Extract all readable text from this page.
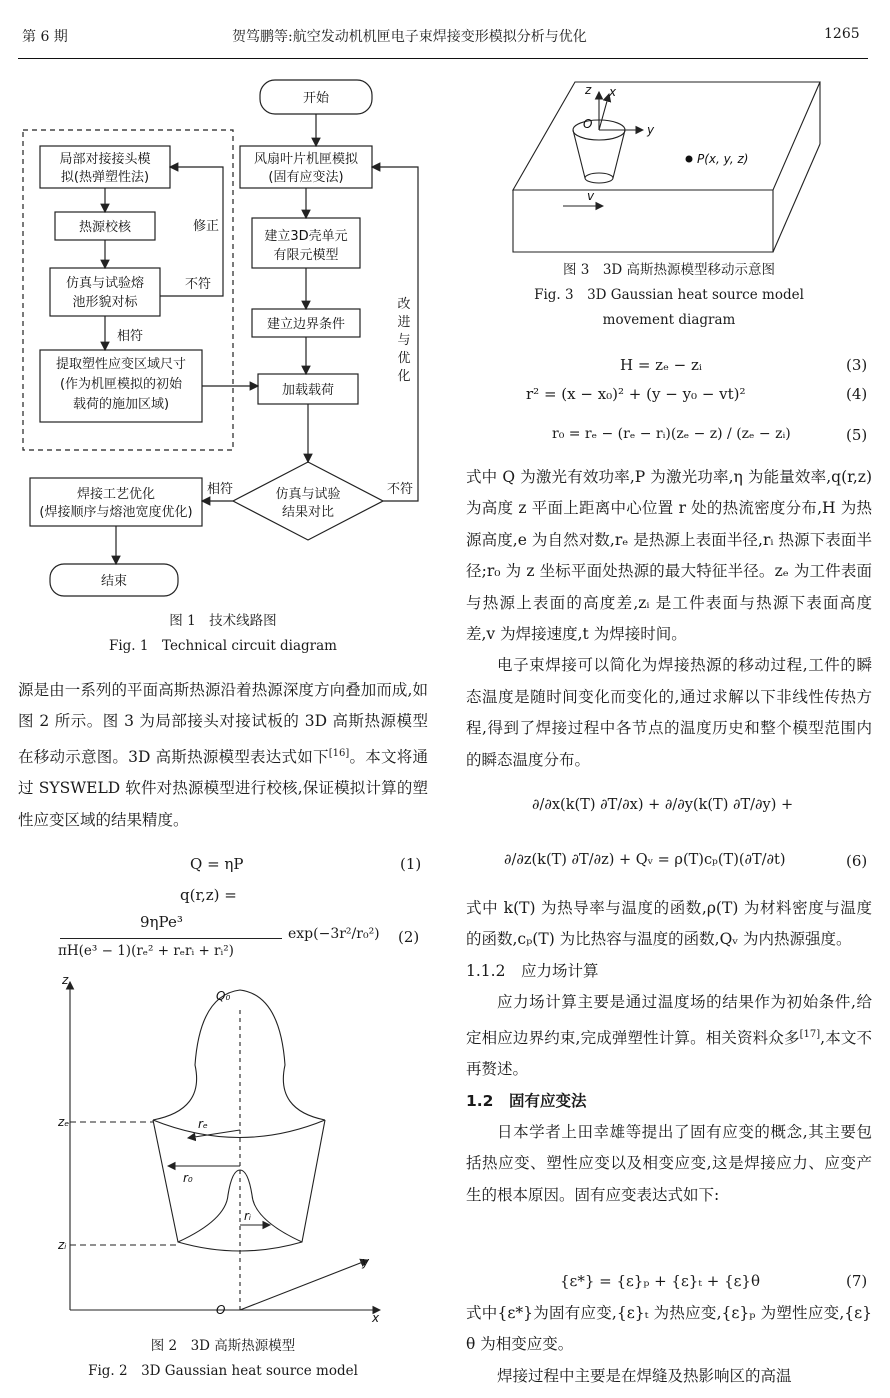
第 6 期	贺笃鹏等:航空发动机机匣电子束焊接变形模拟分析与优化	1265
开始
局部对接接头模
拟(热弹塑性法)
热源校核
仿真与试验熔
池形貌对标
提取塑性应变区域尺寸
(作为机匣模拟的初始
载荷的施加区域)
风扇叶片机匣模拟
(固有应变法)
建立3D壳单元
有限元模型
建立边界条件
加载载荷
仿真与试验
结果对比
焊接工艺优化
(焊接顺序与熔池宽度优化)
结束
修正
不符
相符
相符	不符
改
进
与
优
化

图 1　技术线路图

Fig. 1　Technical circuit diagram

源是由一系列的平面高斯热源沿着热源深度方向叠加而成,如图 2 所示。图 3 为局部接头对接试板的 3D 高斯热源模型在移动示意图。3D 高斯热源模型表达式如下[16]。本文将通过 SYSWELD 软件对热源模型进行校核,保证模拟计算的塑性应变区域的结果精度。

Q = ηP	(1)
q(r,z) =
9ηPe³
πH(e³ − 1)(rₑ² + rₑrᵢ + rᵢ²)
exp(−3r²/r₀²) (2)
z
Q₀
zₑ
zᵢ
rₑ
r₀
rᵢ
y
x
O

图 2　3D 高斯热源模型

Fig. 2　3D Gaussian heat source model

z x
O	y
P(x, y, z)
v

图 3　3D 高斯热源模型移动示意图

Fig. 3　3D Gaussian heat source model

movement diagram

H = zₑ − zᵢ	(3)
r² = (x − x₀)² + (y − y₀ − vt)²	(4)
r₀ = rₑ − (rₑ − rᵢ)(zₑ − z) / (zₑ − zᵢ)	(5)

式中 Q 为激光有效功率,P 为激光功率,η 为能量效率,q(r,z) 为高度 z 平面上距离中心位置 r 处的热流密度分布,H 为热源高度,e 为自然对数,rₑ 是热源上表面半径,rᵢ 热源下表面半径;r₀ 为 z 坐标平面处热源的最大特征半径。zₑ 为工件表面与热源上表面的高度差,zᵢ 是工件表面与热源下表面高度差,v 为焊接速度,t 为焊接时间。

电子束焊接可以简化为焊接热源的移动过程,工件的瞬态温度是随时间变化而变化的,通过求解以下非线性传热方程,得到了焊接过程中各节点的温度历史和整个模型范围内的瞬态温度分布。

∂/∂x(k(T) ∂T/∂x) + ∂/∂y(k(T) ∂T/∂y) +
∂/∂z(k(T) ∂T/∂z) + Qᵥ = ρ(T)cₚ(T)(∂T/∂t)	(6)

式中 k(T) 为热导率与温度的函数,ρ(T) 为材料密度与温度的函数,cₚ(T) 为比热容与温度的函数,Qᵥ 为内热源强度。

1.1.2　应力场计算

应力场计算主要是通过温度场的结果作为初始条件,给定相应边界约束,完成弹塑性计算。相关资料众多[17],本文不再赘述。

1.2　固有应变法

日本学者上田幸雄等提出了固有应变的概念,其主要包括热应变、塑性应变以及相变应变,这是焊接应力、应变产生的根本原因。固有应变表达式如下:

{ε*} = {ε}ₚ + {ε}ₜ + {ε}θ	(7)

式中{ε*}为固有应变,{ε}ₜ 为热应变,{ε}ₚ 为塑性应变,{ε}θ 为相变应变。

焊接过程中主要是在焊缝及热影响区的高温
